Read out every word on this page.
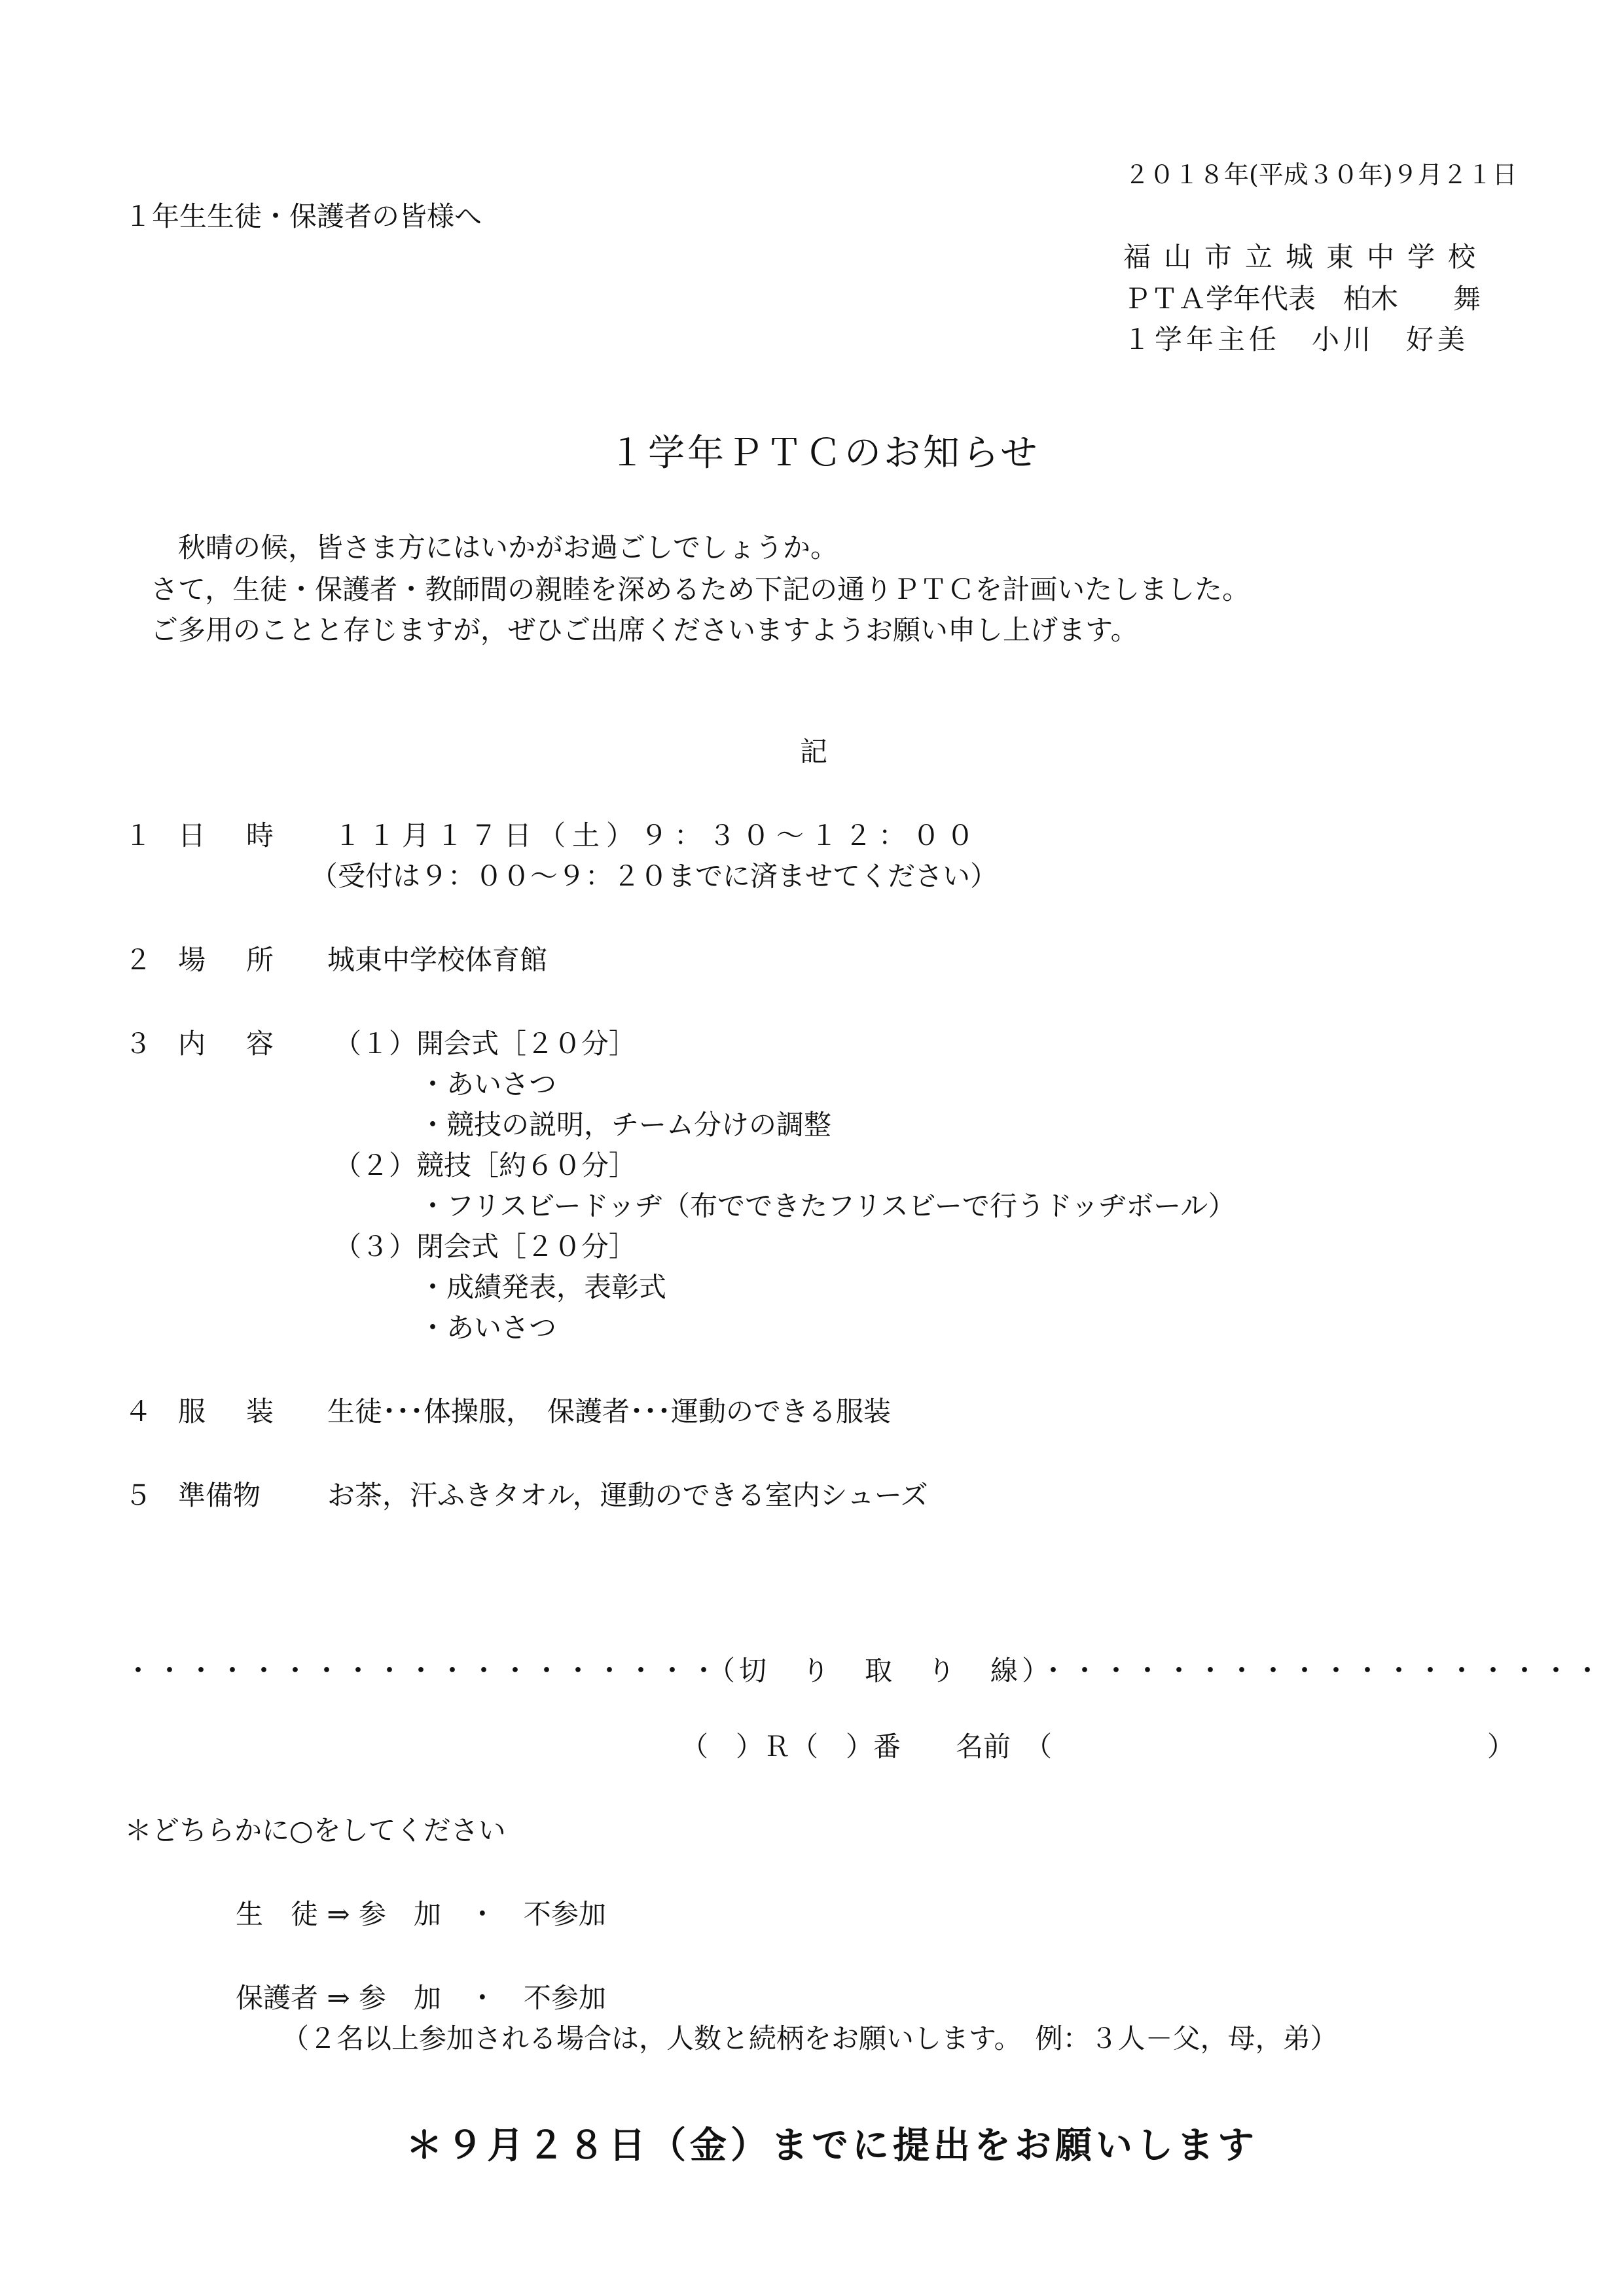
２０１８年(平成３０年)９月２１日
１年生生徒・保護者の皆様へ
福山市立城東中学校
ＰＴＡ学年代表　柏木　　舞
１学年主任　小川　好美
１学年ＰＴＣのお知らせ
秋晴の候，皆さま方にはいかがお過ごしでしょうか。
さて，生徒・保護者・教師間の親睦を深めるため下記の通りＰＴＣを計画いたしました。
ご多用のことと存じますが，ぜひご出席くださいますようお願い申し上げます。
記
１ 日　時 １１月１７日（土）９：３０～１２：００
（受付は９：００～９：２０までに済ませてください）
２ 場　所 城東中学校体育館
３ 内　容 （１）開会式［２０分］
・あいさつ
・競技の説明，チーム分けの調整
（２）競技［約６０分］
・フリスビードッヂ（布でできたフリスビーで行うドッヂボール）
（３）閉会式［２０分］
・成績発表，表彰式
・あいさつ
４ 服　装 生徒･･･体操服，　保護者･･･運動のできる服装
５ 準備物 お茶，汗ふきタオル，運動のできる室内シューズ
・・・・・・・・・・・・・・・・・・・（切　り　取　り　線）・・・・・・・・・・・・・・・・・・
（　）Ｒ（　）番　　名前　（	）
＊どちらかに○をしてください
生　徒 ⇒ 参　加　・　不参加
保護者 ⇒ 参　加　・　不参加
（２名以上参加される場合は，人数と続柄をお願いします。　例：３人－父，母，弟）
＊９月２８日（金）までに提出をお願いします
